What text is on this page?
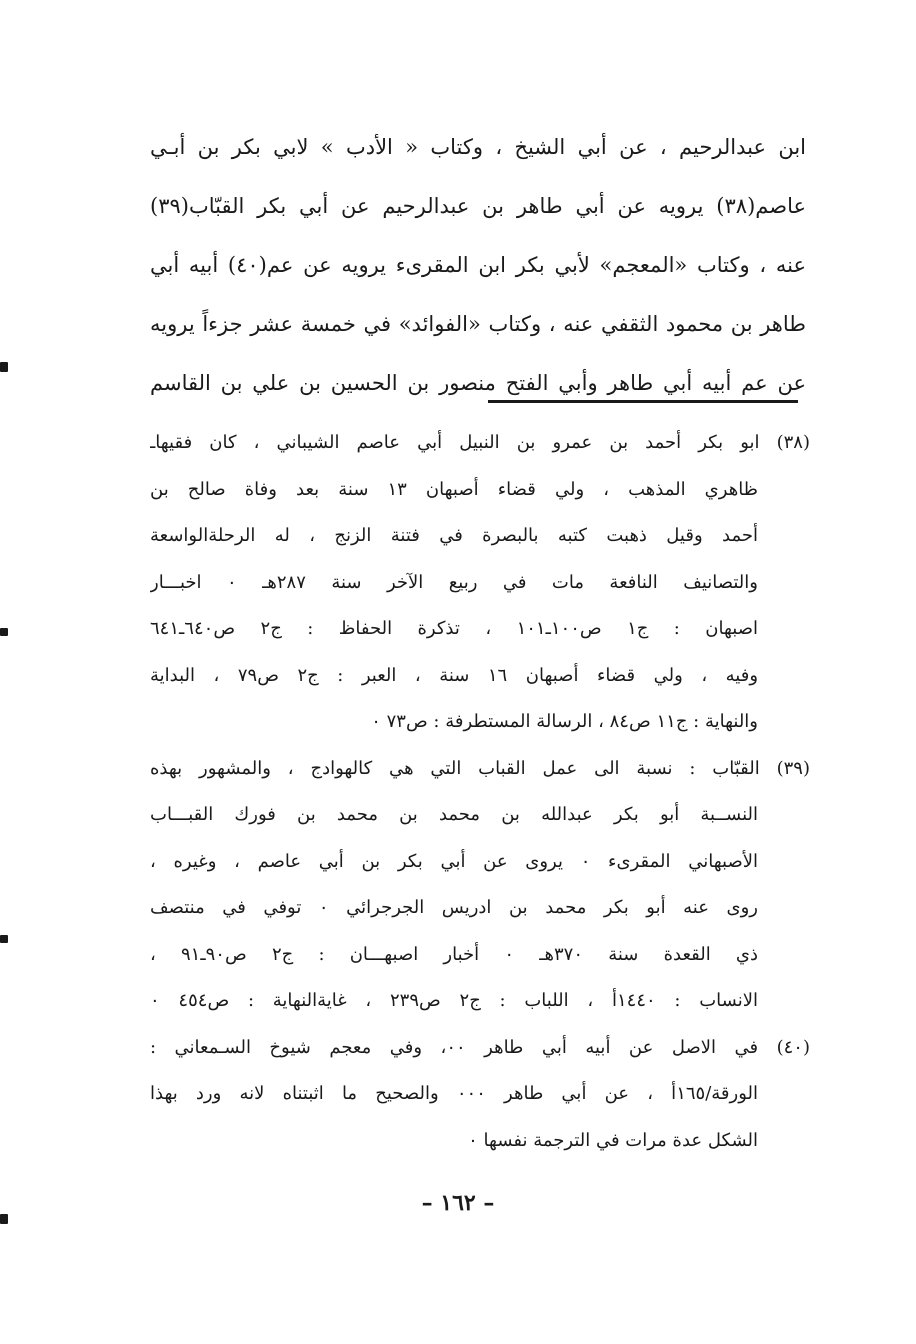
ابن عبدالرحيم ، عن أبي الشيخ ، وكتاب « الأدب » لابي بكر بن أبـي
عاصم(٣٨) يرويه عن أبي طاهر بن عبدالرحيم عن أبي بكر القبّاب(٣٩)
عنه ، وكتاب «المعجم» لأبي بكر ابن المقرىء يرويه عن عم(٤٠) أبيه أبي
طاهر بن محمود الثقفي عنه ، وكتاب «الفوائد» في خمسة عشر جزءاً يرويه
عن عم أبيه أبي طاهر وأبي الفتح منصور بن الحسين بن علي بن القاسم
(٣٨) ابو بكر أحمد بن عمرو بن النبيل أبي عاصم الشيباني ، كان فقيهاـ
ظاهري المذهب ، ولي قضاء أصبهان ١٣ سنة بعد وفاة صالح بن
أحمد وقيل ذهبت كتبه بالبصرة في فتنة الزنج ، له الرحلةالواسعة
والتصانيف النافعة مات في ربيع الآخر سنة ٢٨٧هـ ٠ اخبـــار
اصبهان : ج١ ص١٠٠ـ١٠١ ، تذكرة الحفاظ : ج٢ ص٦٤٠ـ٦٤١
وفيه ، ولي قضاء أصبهان ١٦ سنة ، العبر : ج٢ ص٧٩ ، البداية
والنهاية : ج١١ ص٨٤ ، الرسالة المستطرفة : ص٧٣ ٠
(٣٩) القبّاب : نسبة الى عمل القباب التي هي كالهوادج ، والمشهور بهذه
النســبة أبو بكر عبدالله بن محمد بن محمد بن فورك القبـــاب
الأصبهاني المقرىء ٠ يروى عن أبي بكر بن أبي عاصم ، وغيره ،
روى عنه أبو بكر محمد بن ادريس الجرجرائي ٠ توفي في منتصف
ذي القعدة سنة ٣٧٠هـ ٠ أخبار اصبهـــان : ج٢ ص٩٠ـ٩١ ،
الانساب : ١٤٤٠أ ، اللباب : ج٢ ص٢٣٩ ، غايةالنهاية : ص٤٥٤ ٠
(٤٠) في الاصل عن أبيه أبي طاهر ٠٠، وفي معجم شيوخ السـمعاني :
الورقة/١٦٥أ ، عن أبي طاهر ٠٠٠ والصحيح ما اثبتناه لانه ورد بهذا
الشكل عدة مرات في الترجمة نفسها ٠
– ١٦٢ –
